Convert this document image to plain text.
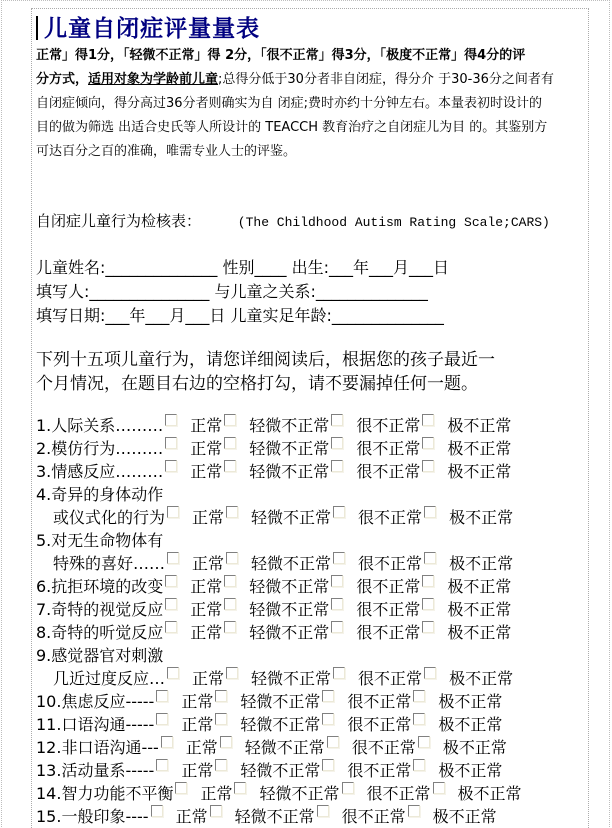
儿童自闭症评量量表
正常」得1分，「轻微不正常」得 2分，「很不正常」得3分，「极度不正常」得4分的评
分方式，适用对象为学龄前儿童;总得分低于30分者非自闭症，得分介 于30-36分之间者有
自闭症倾向，得分高过36分者则确实为自 闭症;费时亦约十分钟左右。本量表初时设计的
目的做为筛选 出适合史氏等人所设计的 TEACCH 教育治疗之自闭症儿为目 的。其鉴别方
可达百分之百的准确，唯需专业人士的评鉴。
自闭症儿童行为检核表：	(The Childhood Autism Rating Scale;CARS)
儿童姓名:______________ 性别____ 出生:___年___月___日
填写人:_______________ 与儿童之关系:______________
填写日期:___年___月___日 儿童实足年龄:______________
下列十五项儿童行为，请您详细阅读后，根据您的孩子最近一
个月情况，在题目右边的空格打勾，请不要漏掉任何一题。
1.人际关系……… 正常 轻微不正常 很不正常 极不正常
2.模仿行为……… 正常 轻微不正常 很不正常 极不正常
3.情感反应……… 正常 轻微不正常 很不正常 极不正常
4.奇异的身体动作
或仪式化的行为 正常 轻微不正常 很不正常 极不正常
5.对无生命物体有
特殊的喜好…… 正常 轻微不正常 很不正常 极不正常
6.抗拒环境的改变 正常 轻微不正常 很不正常 极不正常
7.奇特的视觉反应 正常 轻微不正常 很不正常 极不正常
8.奇特的听觉反应 正常 轻微不正常 很不正常 极不正常
9.感觉器官对刺激
几近过度反应… 正常 轻微不正常 很不正常 极不正常
10.焦虑反应----- 正常 轻微不正常 很不正常 极不正常
11.口语沟通----- 正常 轻微不正常 很不正常 极不正常
12.非口语沟通--- 正常 轻微不正常 很不正常 极不正常
13.活动量系----- 正常 轻微不正常 很不正常 极不正常
14.智力功能不平衡 正常 轻微不正常 很不正常 极不正常
15.一般印象---- 正常 轻微不正常 很不正常 极不正常
